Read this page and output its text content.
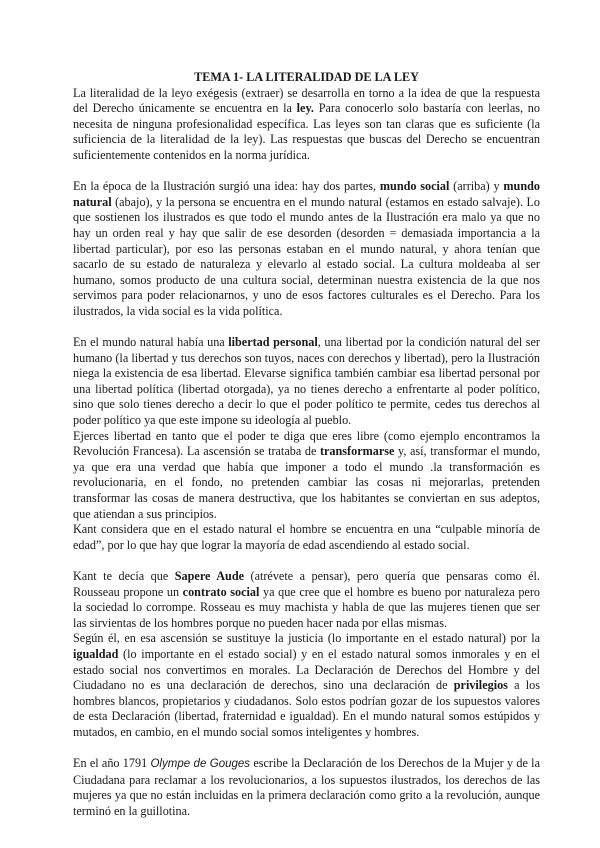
TEMA 1- LA LITERALIDAD DE LA LEY

La literalidad de la leyo exégesis (extraer) se desarrolla en torno a la idea de que la respuesta del Derecho únicamente se encuentra en la ley. Para conocerlo solo bastaría con leerlas, no necesita de ninguna profesionalidad específica. Las leyes son tan claras que es suficiente (la suficiencia de la literalidad de la ley). Las respuestas que buscas del Derecho se encuentran suficientemente contenidos en la norma jurídica.

En la época de la Ilustración surgió una idea: hay dos partes, mundo social (arriba) y mundo natural (abajo), y la persona se encuentra en el mundo natural (estamos en estado salvaje). Lo que sostienen los ilustrados es que todo el mundo antes de la Ilustración era malo ya que no hay un orden real y hay que salir de ese desorden (desorden = demasiada importancia a la libertad particular), por eso las personas estaban en el mundo natural, y ahora tenían que sacarlo de su estado de naturaleza y elevarlo al estado social. La cultura moldeaba al ser humano, somos producto de una cultura social, determinan nuestra existencia de la que nos servimos para poder relacionarnos, y uno de esos factores culturales es el Derecho. Para los ilustrados, la vida social es la vida política.

En el mundo natural había una libertad personal, una libertad por la condición natural del ser humano (la libertad y tus derechos son tuyos, naces con derechos y libertad), pero la Ilustración niega la existencia de esa libertad. Elevarse significa también cambiar esa libertad personal por una libertad política (libertad otorgada), ya no tienes derecho a enfrentarte al poder político, sino que solo tienes derecho a decir lo que el poder político te permite, cedes tus derechos al poder político ya que este impone su ideología al pueblo.

Ejerces libertad en tanto que el poder te diga que eres libre (como ejemplo encontramos la Revolución Francesa). La ascensión se trataba de transformarse y, así, transformar el mundo, ya que era una verdad que había que imponer a todo el mundo .la transformación es revolucionaria, en el fondo, no pretenden cambiar las cosas ni mejorarlas, pretenden transformar las cosas de manera destructiva, que los habitantes se conviertan en sus adeptos, que atiendan a sus principios.

Kant considera que en el estado natural el hombre se encuentra en una “culpable minoría de edad”, por lo que hay que lograr la mayoría de edad ascendiendo al estado social.

Kant te decía que Sapere Aude (atrévete a pensar), pero quería que pensaras como él. Rousseau propone un contrato social ya que cree que el hombre es bueno por naturaleza pero la sociedad lo corrompe. Rosseau es muy machista y habla de que las mujeres tienen que ser las sirvientas de los hombres porque no pueden hacer nada por ellas mismas.

Según él, en esa ascensión se sustituye la justicia (lo importante en el estado natural) por la igualdad (lo importante en el estado social) y en el estado natural somos inmorales y en el estado social nos convertimos en morales. La Declaración de Derechos del Hombre y del Ciudadano no es una declaración de derechos, sino una declaración de privilegios a los hombres blancos, propietarios y ciudadanos. Solo estos podrían gozar de los supuestos valores de esta Declaración (libertad, fraternidad e igualdad). En el mundo natural somos estúpidos y mutados, en cambio, en el mundo social somos inteligentes y hombres.

En el año 1791 Olympe de Gouges escribe la Declaración de los Derechos de la Mujer y de la Ciudadana para reclamar a los revolucionarios, a los supuestos ilustrados, los derechos de las mujeres ya que no están incluidas en la primera declaración como grito a la revolución, aunque terminó en la guillotina.
